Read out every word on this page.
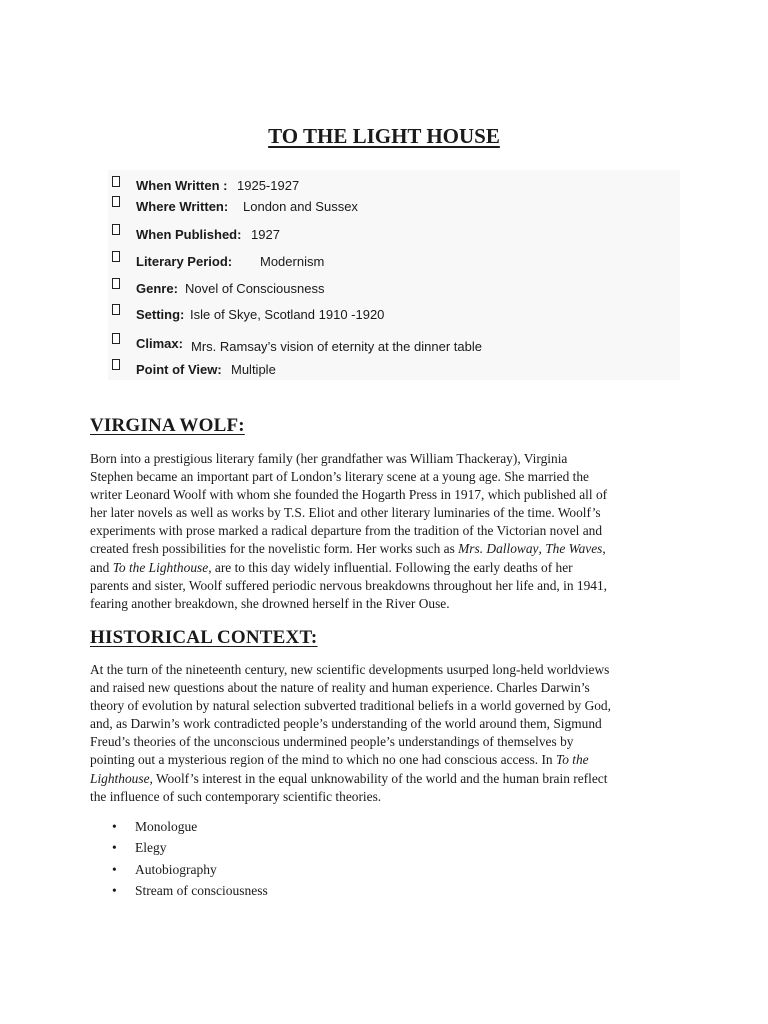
TO THE LIGHT HOUSE
When Written : 1925-1927
Where Written: London and Sussex
When Published: 1927
Literary Period: Modernism
Genre: Novel of Consciousness
Setting: Isle of Skye, Scotland 1910 -1920
Climax: Mrs. Ramsay’s vision of eternity at the dinner table
Point of View: Multiple
VIRGINA WOLF:
Born into a prestigious literary family (her grandfather was William Thackeray), Virginia
Stephen became an important part of London’s literary scene at a young age. She married the
writer Leonard Woolf with whom she founded the Hogarth Press in 1917, which published all of
her later novels as well as works by T.S. Eliot and other literary luminaries of the time. Woolf’s
experiments with prose marked a radical departure from the tradition of the Victorian novel and
created fresh possibilities for the novelistic form. Her works such as Mrs. Dalloway, The Waves,
and To the Lighthouse, are to this day widely influential. Following the early deaths of her
parents and sister, Woolf suffered periodic nervous breakdowns throughout her life and, in 1941,
fearing another breakdown, she drowned herself in the River Ouse.
HISTORICAL CONTEXT:
At the turn of the nineteenth century, new scientific developments usurped long-held worldviews
and raised new questions about the nature of reality and human experience. Charles Darwin’s
theory of evolution by natural selection subverted traditional beliefs in a world governed by God,
and, as Darwin’s work contradicted people’s understanding of the world around them, Sigmund
Freud’s theories of the unconscious undermined people’s understandings of themselves by
pointing out a mysterious region of the mind to which no one had conscious access. In To the
Lighthouse, Woolf’s interest in the equal unknowability of the world and the human brain reflect
the influence of such contemporary scientific theories.
• Monologue
• Elegy
• Autobiography
• Stream of consciousness
